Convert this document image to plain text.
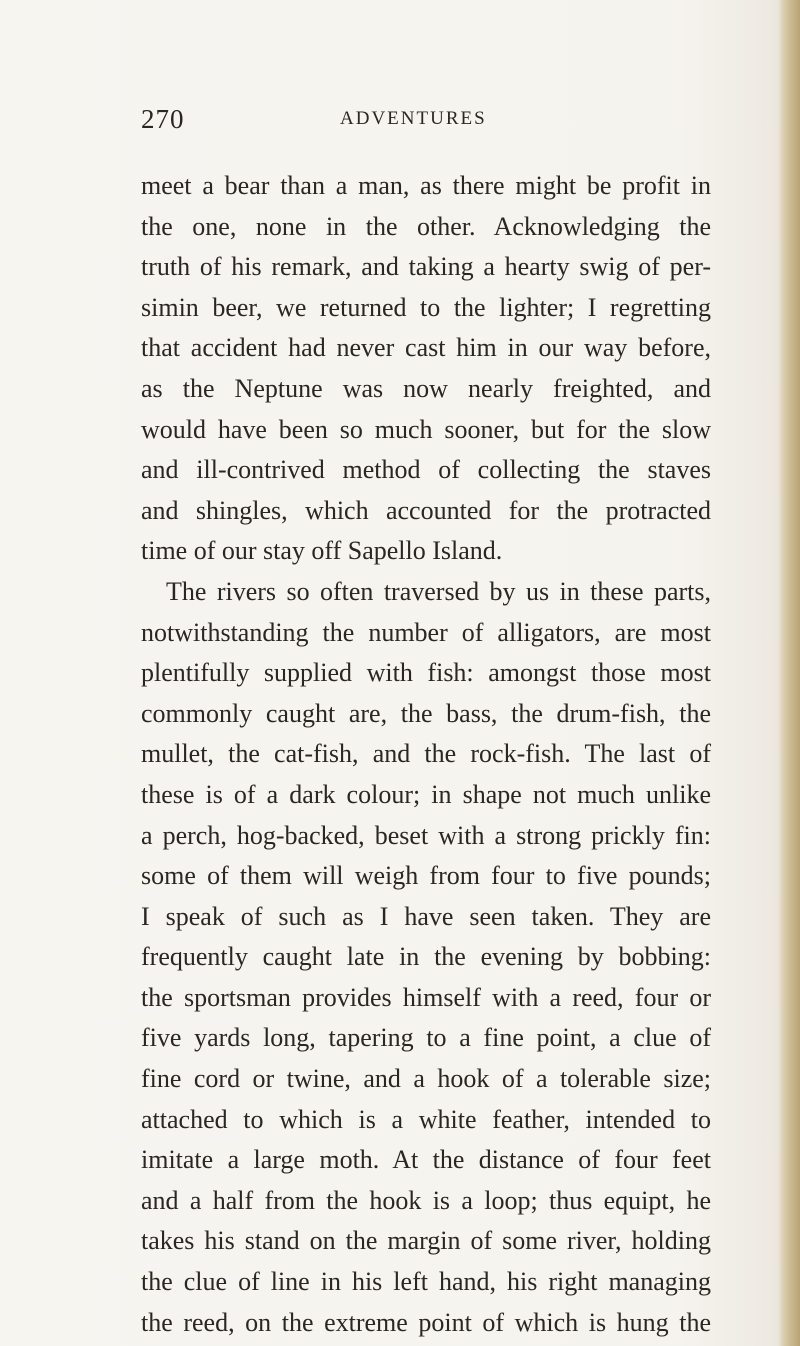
270	ADVENTURES
meet a bear than a man, as there might be profit in
the one, none in the other. Acknowledging the
truth of his remark, and taking a hearty swig of per-
simin beer, we returned to the lighter; I regretting
that accident had never cast him in our way before,
as the Neptune was now nearly freighted, and
would have been so much sooner, but for the slow
and ill-contrived method of collecting the staves
and shingles, which accounted for the protracted
time of our stay off Sapello Island.
The rivers so often traversed by us in these parts,
notwithstanding the number of alligators, are most
plentifully supplied with fish: amongst those most
commonly caught are, the bass, the drum-fish, the
mullet, the cat-fish, and the rock-fish. The last of
these is of a dark colour; in shape not much unlike
a perch, hog-backed, beset with a strong prickly fin:
some of them will weigh from four to five pounds;
I speak of such as I have seen taken. They are
frequently caught late in the evening by bobbing:
the sportsman provides himself with a reed, four or
five yards long, tapering to a fine point, a clue of
fine cord or twine, and a hook of a tolerable size;
attached to which is a white feather, intended to
imitate a large moth. At the distance of four feet
and a half from the hook is a loop; thus equipt, he
takes his stand on the margin of some river, holding
the clue of line in his left hand, his right managing
the reed, on the extreme point of which is hung the
